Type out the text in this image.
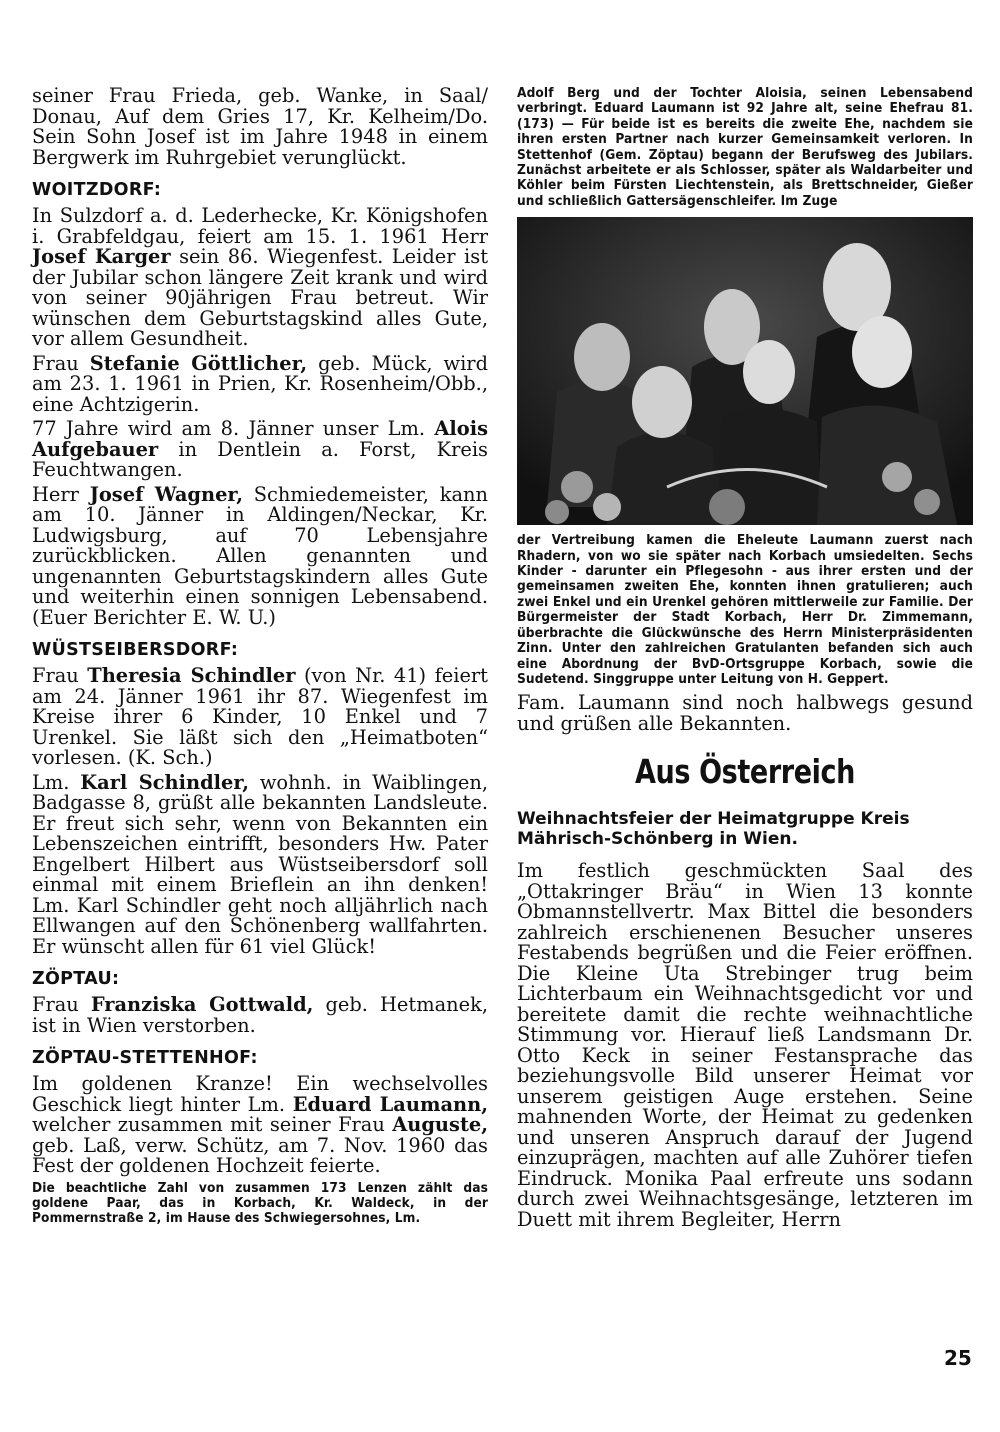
seiner Frau Frieda, geb. Wanke, in Saal/ Donau, Auf dem Gries 17, Kr. Kelheim/Do. Sein Sohn Josef ist im Jahre 1948 in einem Bergwerk im Ruhrgebiet verunglückt.

WOITZDORF:

In Sulzdorf a. d. Lederhecke, Kr. Königshofen i. Grabfeldgau, feiert am 15. 1. 1961 Herr Josef Karger sein 86. Wiegenfest. Leider ist der Jubilar schon längere Zeit krank und wird von seiner 90jährigen Frau betreut. Wir wünschen dem Geburtstagskind alles Gute, vor allem Gesundheit.

Frau Stefanie Göttlicher, geb. Mück, wird am 23. 1. 1961 in Prien, Kr. Rosenheim/Obb., eine Achtzigerin.

77 Jahre wird am 8. Jänner unser Lm. Alois Aufgebauer in Dentlein a. Forst, Kreis Feuchtwangen.

Herr Josef Wagner, Schmiedemeister, kann am 10. Jänner in Aldingen/Neckar, Kr. Ludwigsburg, auf 70 Lebensjahre zurückblicken. Allen genannten und ungenannten Geburtstagskindern alles Gute und weiterhin einen sonnigen Lebensabend. (Euer Berichter E. W. U.)

WÜSTSEIBERSDORF:

Frau Theresia Schindler (von Nr. 41) feiert am 24. Jänner 1961 ihr 87. Wiegenfest im Kreise ihrer 6 Kinder, 10 Enkel und 7 Urenkel. Sie läßt sich den „Heimatboten“ vorlesen. (K. Sch.)

Lm. Karl Schindler, wohnh. in Waiblingen, Badgasse 8, grüßt alle bekannten Landsleute. Er freut sich sehr, wenn von Bekannten ein Lebenszeichen eintrifft, besonders Hw. Pater Engelbert Hilbert aus Wüstseibersdorf soll einmal mit einem Brieflein an ihn denken! Lm. Karl Schindler geht noch alljährlich nach Ellwangen auf den Schönenberg wallfahrten. Er wünscht allen für 61 viel Glück!

ZÖPTAU:

Frau Franziska Gottwald, geb. Hetmanek, ist in Wien verstorben.

ZÖPTAU-STETTENHOF:

Im goldenen Kranze! Ein wechselvolles Geschick liegt hinter Lm. Eduard Laumann, welcher zusammen mit seiner Frau Auguste, geb. Laß, verw. Schütz, am 7. Nov. 1960 das Fest der goldenen Hochzeit feierte.

Die beachtliche Zahl von zusammen 173 Lenzen zählt das goldene Paar, das in Korbach, Kr. Waldeck, in der Pommernstraße 2, im Hause des Schwiegersohnes, Lm.

Adolf Berg und der Tochter Aloisia, seinen Lebensabend verbringt. Eduard Laumann ist 92 Jahre alt, seine Ehefrau 81. (173) — Für beide ist es bereits die zweite Ehe, nachdem sie ihren ersten Partner nach kurzer Gemeinsamkeit verloren. In Stettenhof (Gem. Zöptau) begann der Berufsweg des Jubilars. Zunächst arbeitete er als Schlosser, später als Waldarbeiter und Köhler beim Fürsten Liechtenstein, als Brettschneider, Gießer und schließlich Gattersägenschleifer. Im Zuge

der Vertreibung kamen die Eheleute Laumann zuerst nach Rhadern, von wo sie später nach Korbach umsiedelten. Sechs Kinder - darunter ein Pflegesohn - aus ihrer ersten und der gemeinsamen zweiten Ehe, konnten ihnen gratulieren; auch zwei Enkel und ein Urenkel gehören mittlerweile zur Familie. Der Bürgermeister der Stadt Korbach, Herr Dr. Zimmemann, überbrachte die Glückwünsche des Herrn Ministerpräsidenten Zinn. Unter den zahlreichen Gratulanten befanden sich auch eine Abordnung der BvD-Ortsgruppe Korbach, sowie die Sudetend. Singgruppe unter Leitung von H. Geppert.

Fam. Laumann sind noch halbwegs gesund und grüßen alle Bekannten.

Aus Österreich
Weihnachtsfeier der Heimatgruppe Kreis Mährisch-Schönberg in Wien.

Im festlich geschmückten Saal des „Ottakringer Bräu“ in Wien 13 konnte Obmannstellvertr. Max Bittel die besonders zahlreich erschienenen Besucher unseres Festabends begrüßen und die Feier eröffnen. Die Kleine Uta Strebinger trug beim Lichterbaum ein Weihnachtsgedicht vor und bereitete damit die rechte weihnachtliche Stimmung vor. Hierauf ließ Landsmann Dr. Otto Keck in seiner Festansprache das beziehungsvolle Bild unserer Heimat vor unserem geistigen Auge erstehen. Seine mahnenden Worte, der Heimat zu gedenken und unseren Anspruch darauf der Jugend einzuprägen, machten auf alle Zuhörer tiefen Eindruck. Monika Paal erfreute uns sodann durch zwei Weihnachtsgesänge, letzteren im Duett mit ihrem Begleiter, Herrn

25
